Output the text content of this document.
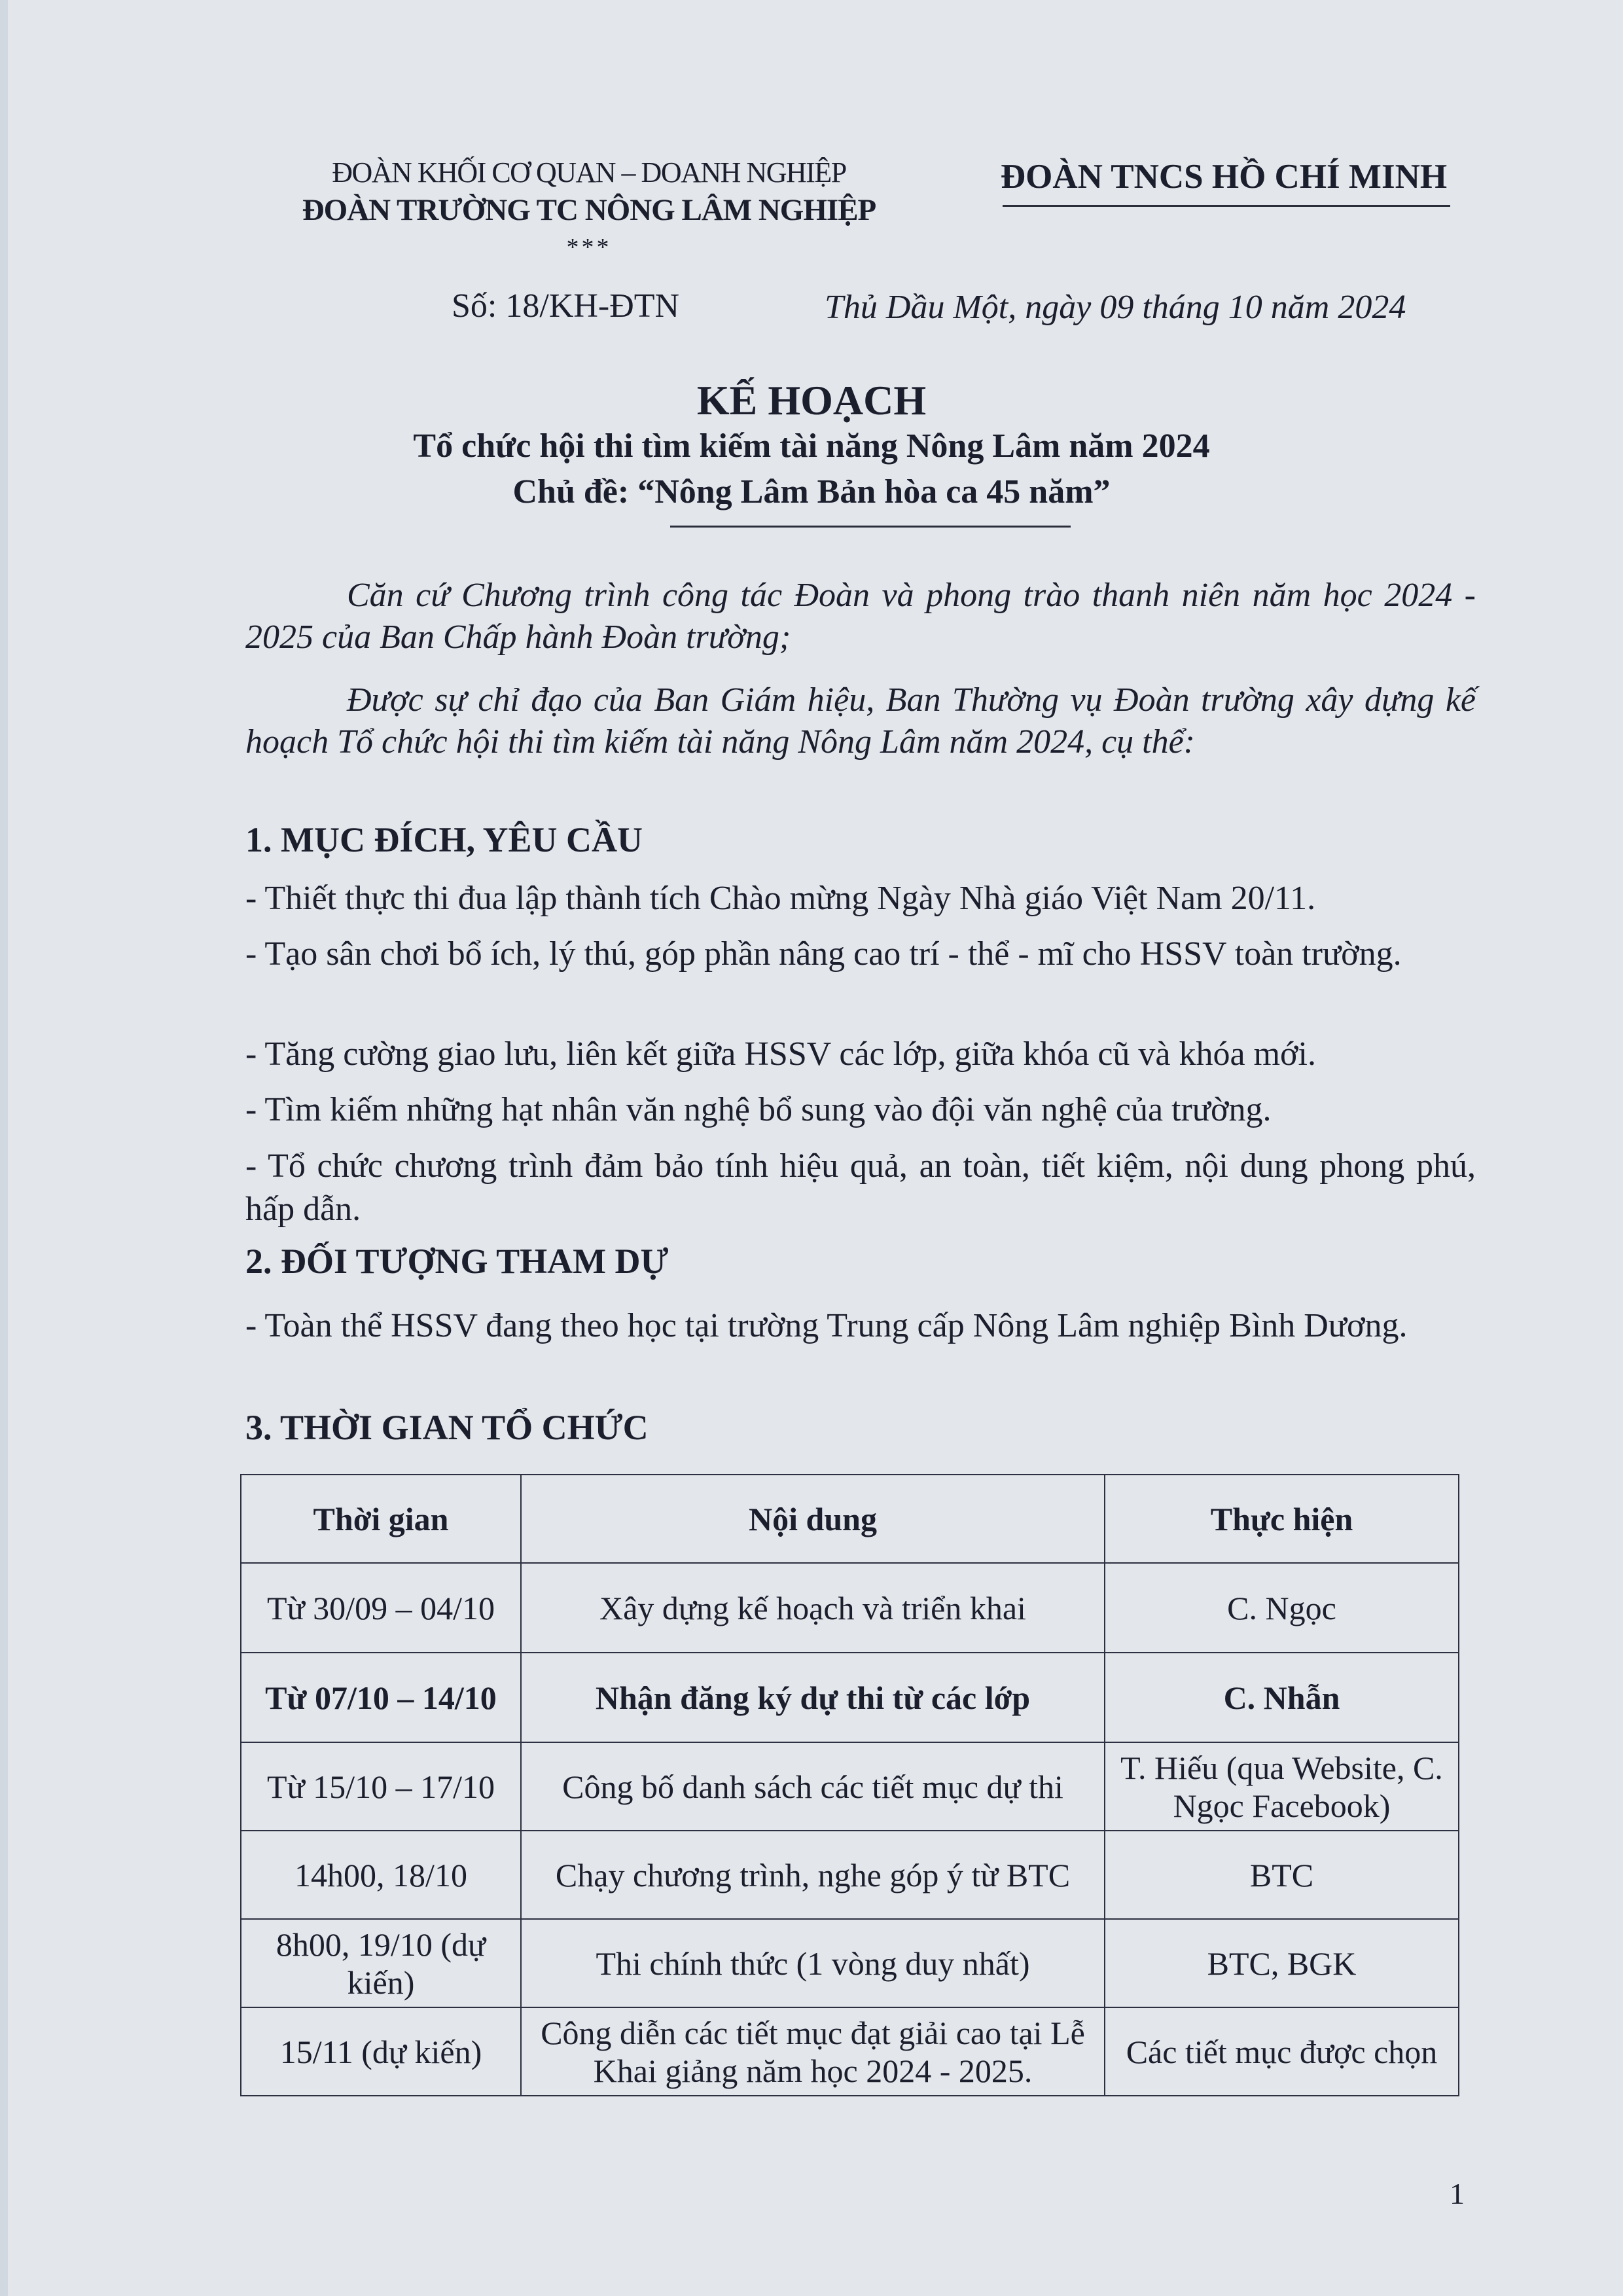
ĐOÀN KHỐI CƠ QUAN – DOANH NGHIỆP
ĐOÀN TRƯỜNG TC NÔNG LÂM NGHIỆP
***
ĐOÀN TNCS HỒ CHÍ MINH
Số: 18/KH-ĐTN	Thủ Dầu Một, ngày 09 tháng 10 năm 2024
KẾ HOẠCH
Tổ chức hội thi tìm kiếm tài năng Nông Lâm năm 2024
Chủ đề: “Nông Lâm Bản hòa ca 45 năm”
Căn cứ Chương trình công tác Đoàn và phong trào thanh niên năm học 2024 - 2025 của Ban Chấp hành Đoàn trường;
Được sự chỉ đạo của Ban Giám hiệu, Ban Thường vụ Đoàn trường xây dựng kế hoạch Tổ chức hội thi tìm kiếm tài năng Nông Lâm năm 2024, cụ thể:
1. MỤC ĐÍCH, YÊU CẦU
- Thiết thực thi đua lập thành tích Chào mừng Ngày Nhà giáo Việt Nam 20/11.
- Tạo sân chơi bổ ích, lý thú, góp phần nâng cao trí - thể - mĩ cho HSSV toàn trường.
- Tăng cường giao lưu, liên kết giữa HSSV các lớp, giữa khóa cũ và khóa mới.
- Tìm kiếm những hạt nhân văn nghệ bổ sung vào đội văn nghệ của trường.
- Tổ chức chương trình đảm bảo tính hiệu quả, an toàn, tiết kiệm, nội dung phong phú, hấp dẫn.
2. ĐỐI TƯỢNG THAM DỰ
- Toàn thể HSSV đang theo học tại trường Trung cấp Nông Lâm nghiệp Bình Dương.
3. THỜI GIAN TỔ CHỨC
Thời gian	Nội dung	Thực hiện
Từ 30/09 – 04/10	Xây dựng kế hoạch và triển khai	C. Ngọc
Từ 07/10 – 14/10	Nhận đăng ký dự thi từ các lớp	C. Nhẫn
Từ 15/10 – 17/10	Công bố danh sách các tiết mục dự thi	T. Hiếu (qua Website, C. Ngọc Facebook)
14h00, 18/10	Chạy chương trình, nghe góp ý từ BTC	BTC
8h00, 19/10 (dự kiến)	Thi chính thức (1 vòng duy nhất)	BTC, BGK
15/11 (dự kiến)	Công diễn các tiết mục đạt giải cao tại Lễ Khai giảng năm học 2024 - 2025.	Các tiết mục được chọn
1
